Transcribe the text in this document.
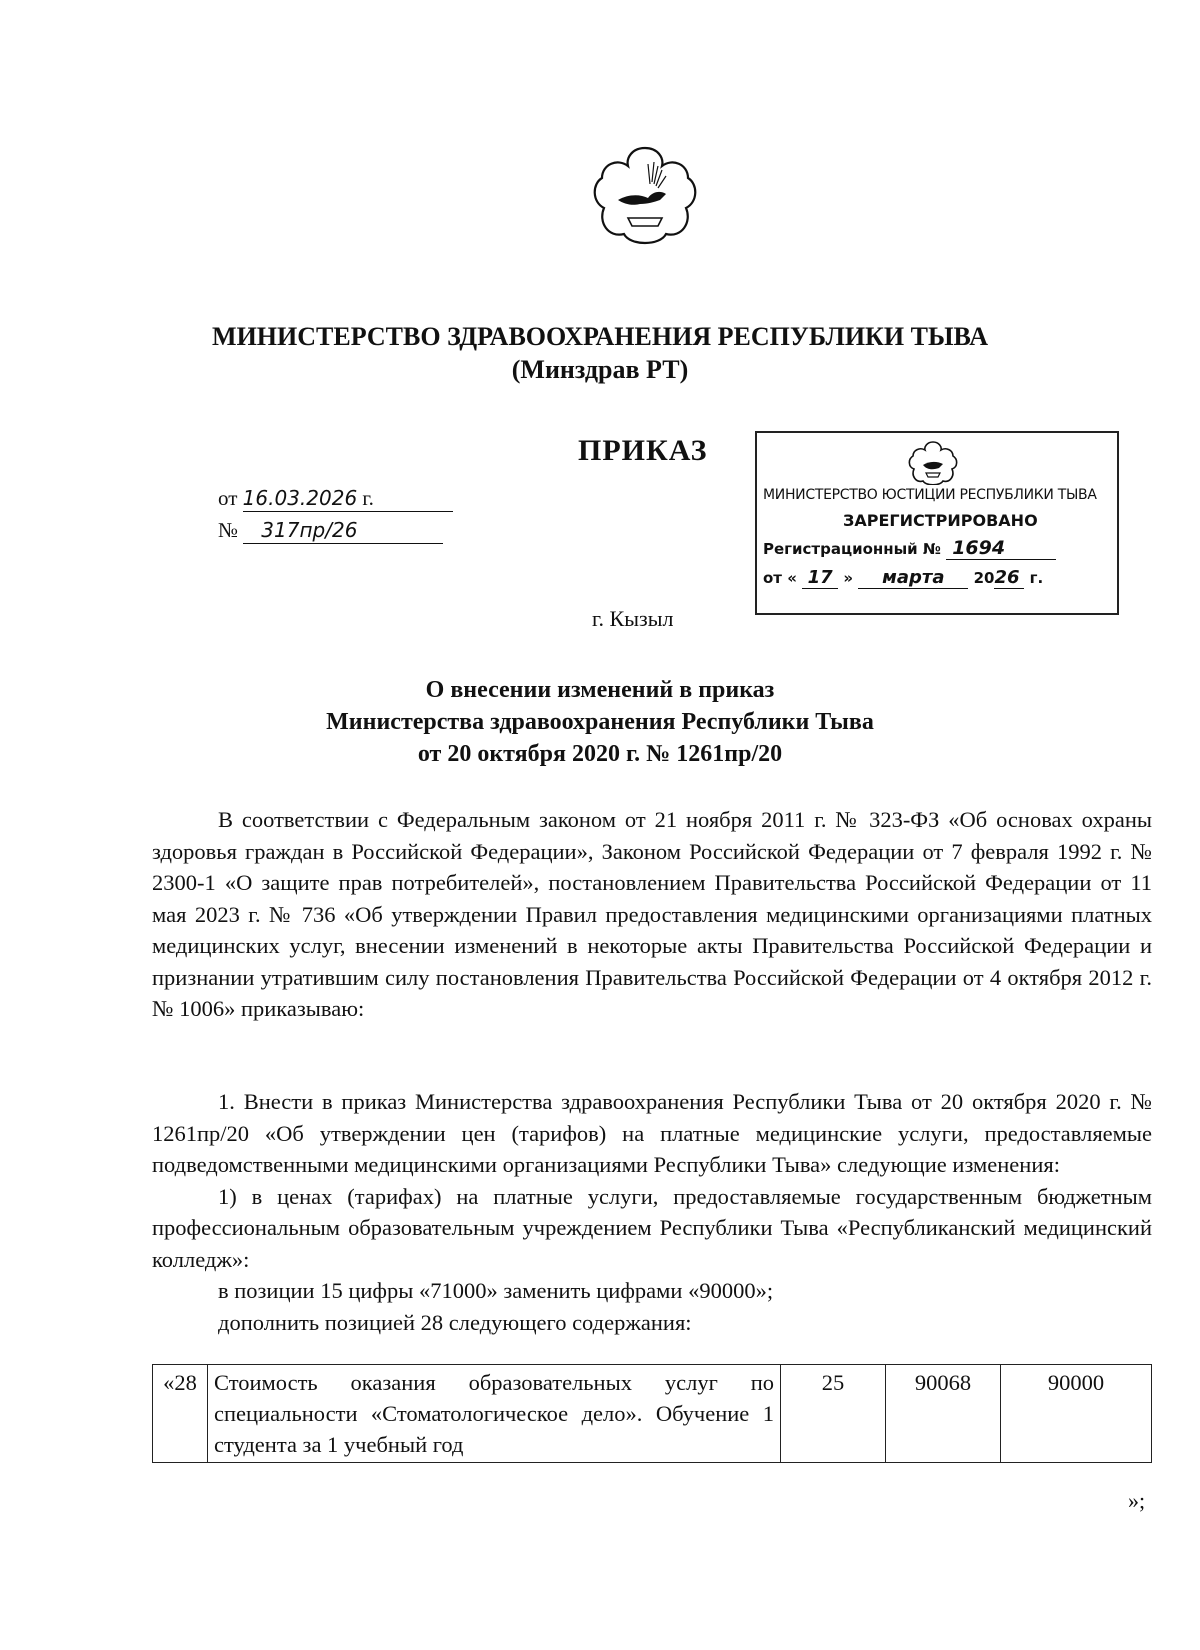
МИНИСТЕРСТВО ЗДРАВООХРАНЕНИЯ РЕСПУБЛИКИ ТЫВА
(Минздрав РТ)
ПРИКАЗ
от 16.03.2026 г.
№ 317пр/26
г. Кызыл
МИНИСТЕРСТВО ЮСТИЦИИ РЕСПУБЛИКИ ТЫВА
ЗАРЕГИСТРИРОВАНО
Регистрационный № 1694
от « 17 » марта 2026 г.
О внесении изменений в приказ
Министерства здравоохранения Республики Тыва
от 20 октября 2020 г. № 1261пр/20

В соответствии с Федеральным законом от 21 ноября 2011 г. № 323-ФЗ «Об основах охраны здоровья граждан в Российской Федерации», Законом Российской Федерации от 7 февраля 1992 г. № 2300-1 «О защите прав потребителей», постановлением Правительства Российской Федерации от 11 мая 2023 г. № 736 «Об утверждении Правил предоставления медицинскими организациями платных медицинских услуг, внесении изменений в некоторые акты Правительства Российской Федерации и признании утратившим силу постановления Правительства Российской Федерации от 4 октября 2012 г. № 1006» приказываю:

1. Внести в приказ Министерства здравоохранения Республики Тыва от 20 октября 2020 г. № 1261пр/20 «Об утверждении цен (тарифов) на платные медицинские услуги, предоставляемые подведомственными медицинскими организациями Республики Тыва» следующие изменения:

1) в ценах (тарифах) на платные услуги, предоставляемые государственным бюджетным профессиональным образовательным учреждением Республики Тыва «Республиканский медицинский колледж»:

в позиции 15 цифры «71000» заменить цифрами «90000»;

дополнить позицией 28 следующего содержания:

«28	Стоимость оказания образовательных услуг по специальности «Стоматологическое дело». Обучение 1 студента за 1 учебный год	25	90068	90000
»;
